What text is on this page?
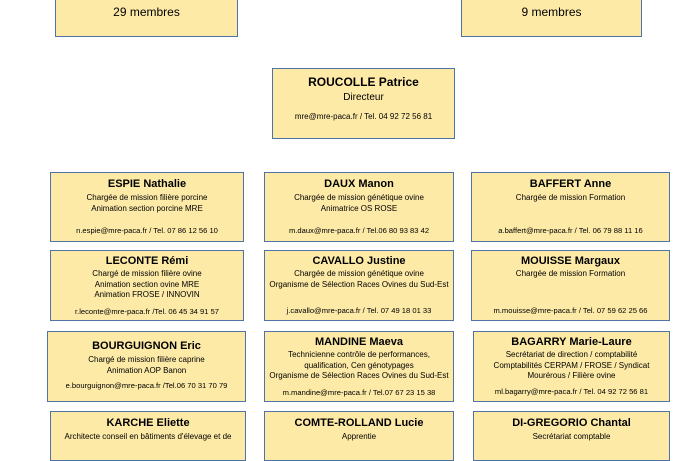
29 membres	9 membres
ROUCOLLE Patrice
Directeur
mre@mre-paca.fr / Tel. 04 92 72 56 81
ESPIE Nathalie
Chargée de mission filière porcine
Animation section porcine MRE
n.espie@mre-paca.fr / Tel. 07 86 12 56 10
DAUX Manon
Chargée de mission génétique ovine
Animatrice OS ROSE
m.daux@mre-paca.fr / Tel.06 80 93 83 42
BAFFERT Anne
Chargée de mission Formation
a.baffert@mre-paca.fr / Tel. 06 79 88 11 16
LECONTE Rémi
Chargé de mission filière ovine
Animation section ovine MRE
Animation FROSE / INNOVIN
r.leconte@mre-paca.fr /Tel. 06 45 34 91 57
CAVALLO Justine
Chargée de mission génétique ovine
Organisme de Sélection Races Ovines du Sud-Est
j.cavallo@mre-paca.fr / Tel. 07 49 18 01 33
MOUISSE Margaux
Chargée de mission Formation
m.mouisse@mre-paca.fr / Tel. 07 59 62 25 66
BOURGUIGNON Eric
Chargé de mission filière caprine
Animation AOP Banon
e.bourguignon@mre-paca.fr /Tel.06 70 31 70 79
MANDINE Maeva
Technicienne contrôle de performances,
qualification, Cen génotypages
Organisme de Sélection Races Ovines du Sud-Est
m.mandine@mre-paca.fr / Tel.07 67 23 15 38
BAGARRY Marie-Laure
Secrétariat de direction / comptabilité
Comptabilités CERPAM / FROSE / Syndicat
Mourérous / Filière ovine
ml.bagarry@mre-paca.fr / Tel. 04 92 72 56 81
KARCHE Eliette
Architecte conseil en bâtiments d'élevage et de
COMTE-ROLLAND Lucie
Apprentie
DI-GREGORIO Chantal
Secrétariat comptable
